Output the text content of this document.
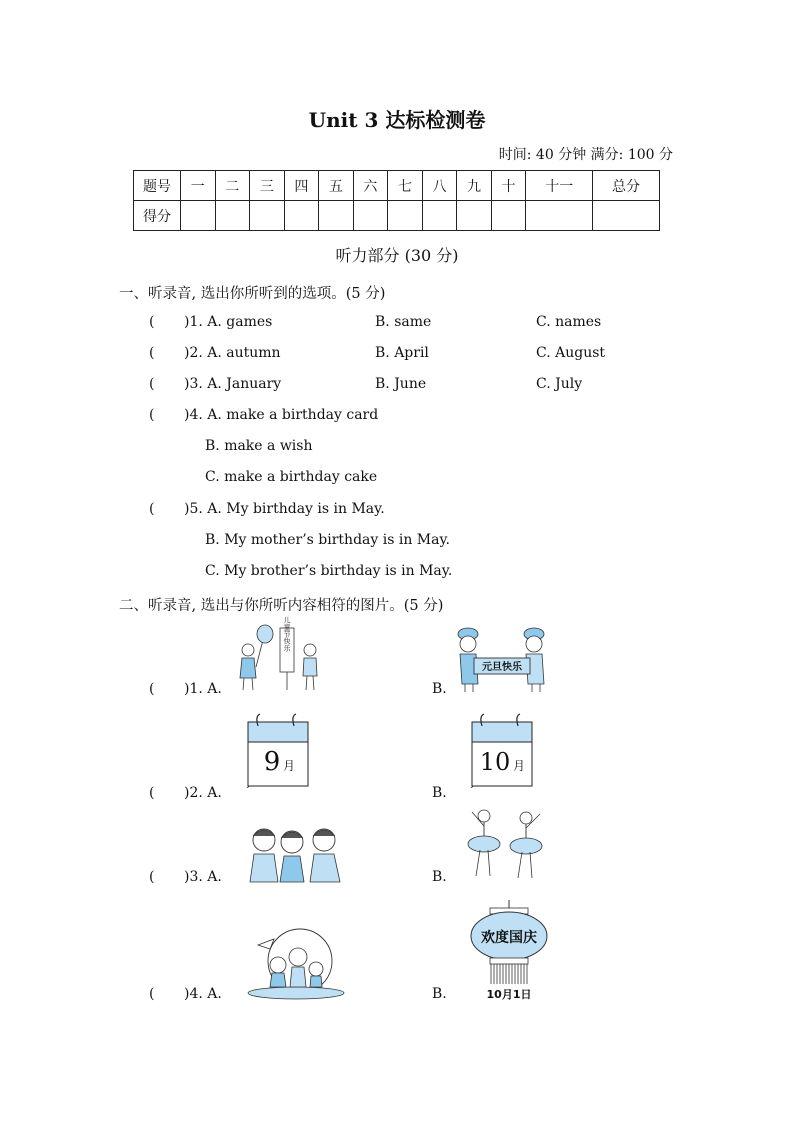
Unit 3 达标检测卷
时间: 40 分钟 满分: 100 分
题号	一	二	三	四	五	六	七	八	九	十	十一	总分
得分												
听力部分 (30 分)
一、听录音, 选出你所听到的选项。(5 分)
( )1. A. games	B. same	C. names
( )2. A. autumn	B. April	C. August
( )3. A. January	B. June	C. July
( )4. A. make a birthday card
B. make a wish
C. make a birthday cake
( )5. A. My birthday is in May.
B. My mother’s birthday is in May.
C. My brother’s birthday is in May.
二、听录音, 选出与你所听内容相符的图片。(5 分)
( )1. A.	B.
儿童节快乐
元旦快乐
( )2. A.	B.
9 月	10 月
( )3. A.	B.
( )4. A.	B.
欢度国庆
10月1日
